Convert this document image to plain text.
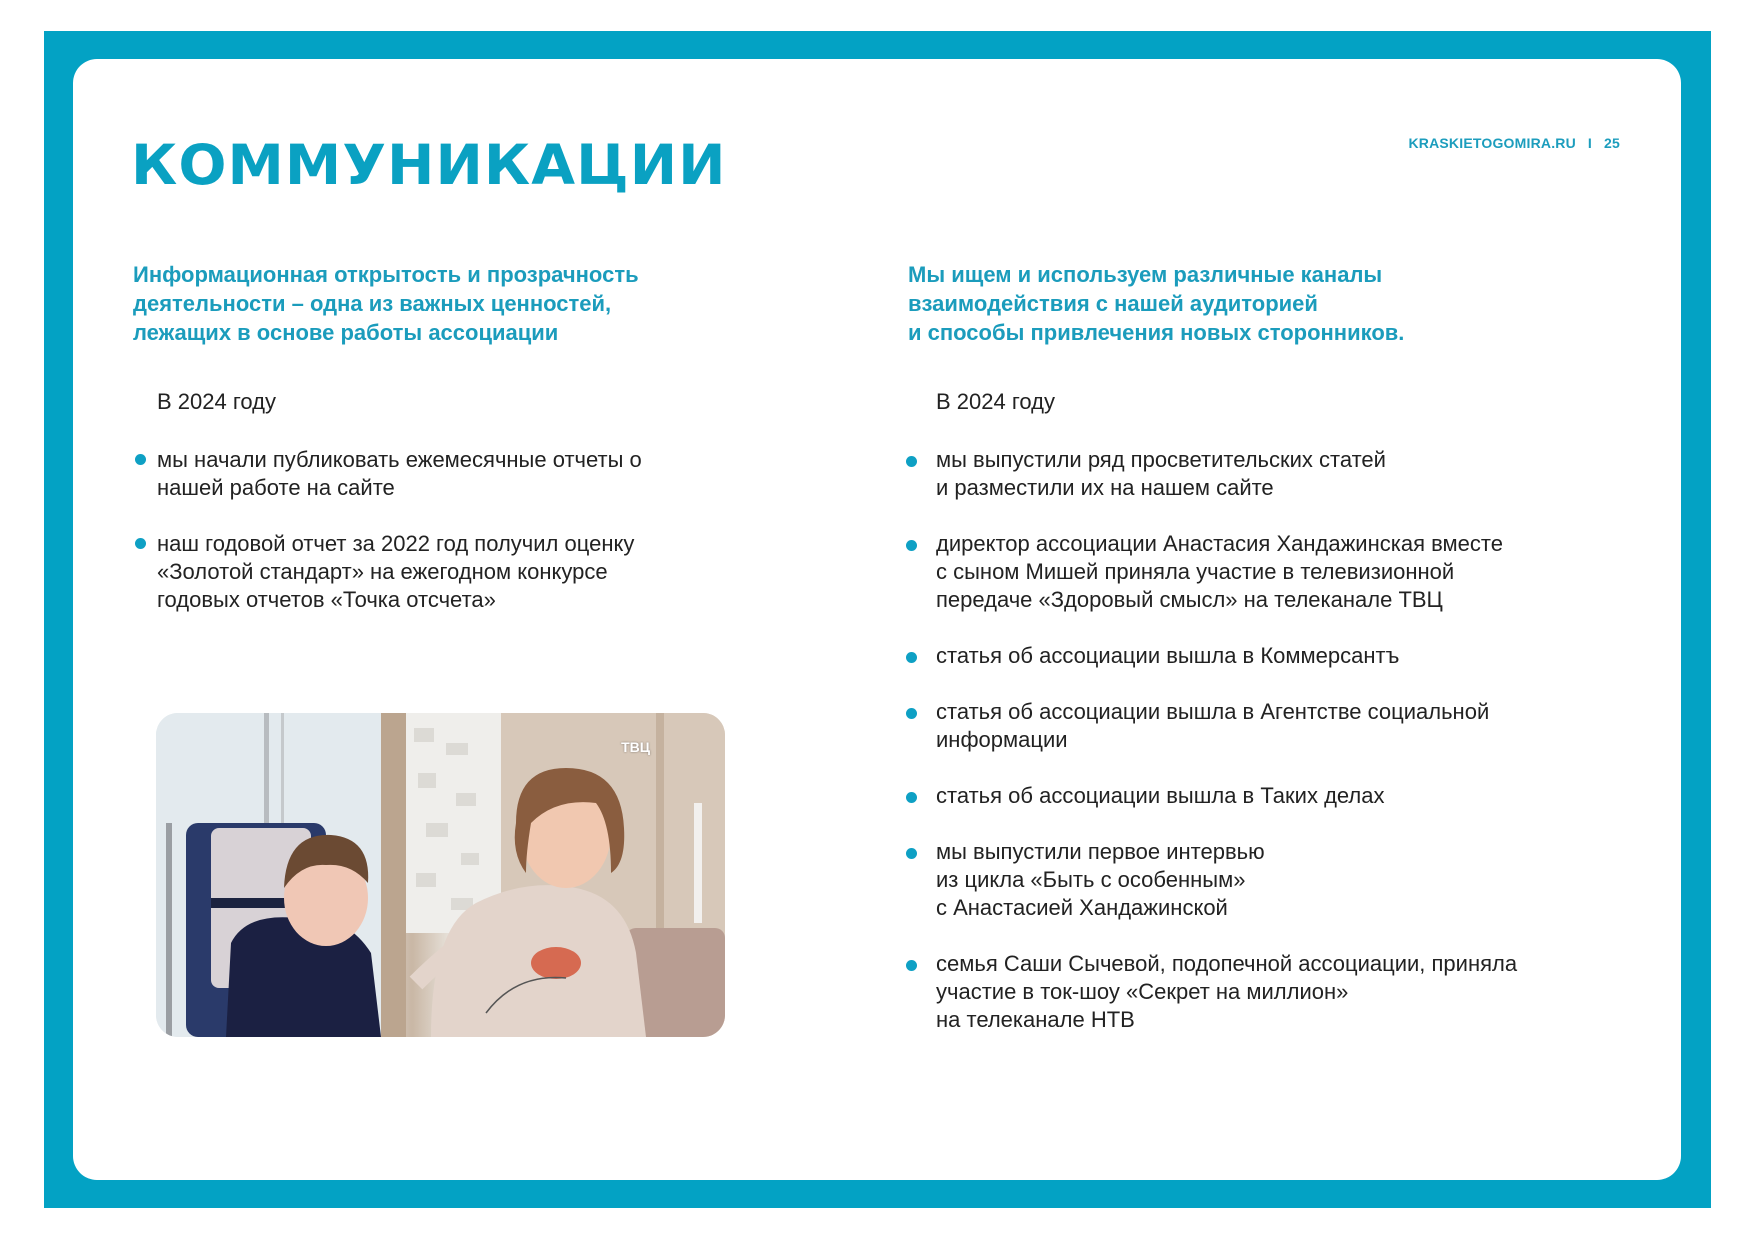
КОММУНИКАЦИИ	KRASKIETOGOMIRA.RU I 25
Информационная открытость и прозрачность
деятельности – одна из важных ценностей,
лежащих в основе работы ассоциации
В 2024 году
мы начали публиковать ежемесячные отчеты о
нашей работе на сайте
наш годовой отчет за 2022 год получил оценку
«Золотой стандарт» на ежегодном конкурсе
годовых отчетов «Точка отсчета»
ТВЦ
Мы ищем и используем различные каналы
взаимодействия с нашей аудиторией
и способы привлечения новых сторонников.
В 2024 году
мы выпустили ряд просветительских статей
и разместили их на нашем сайте
директор ассоциации Анастасия Хандажинская вместе
с сыном Мишей приняла участие в телевизионной
передаче «Здоровый смысл» на телеканале ТВЦ
статья об ассоциации вышла в Коммерсантъ
статья об ассоциации вышла в Агентстве социальной
информации
статья об ассоциации вышла в Таких делах
мы выпустили первое интервью
из цикла «Быть с особенным»
с Анастасией Хандажинской
семья Саши Сычевой, подопечной ассоциации, приняла
участие в ток-шоу «Секрет на миллион»
на телеканале НТВ
